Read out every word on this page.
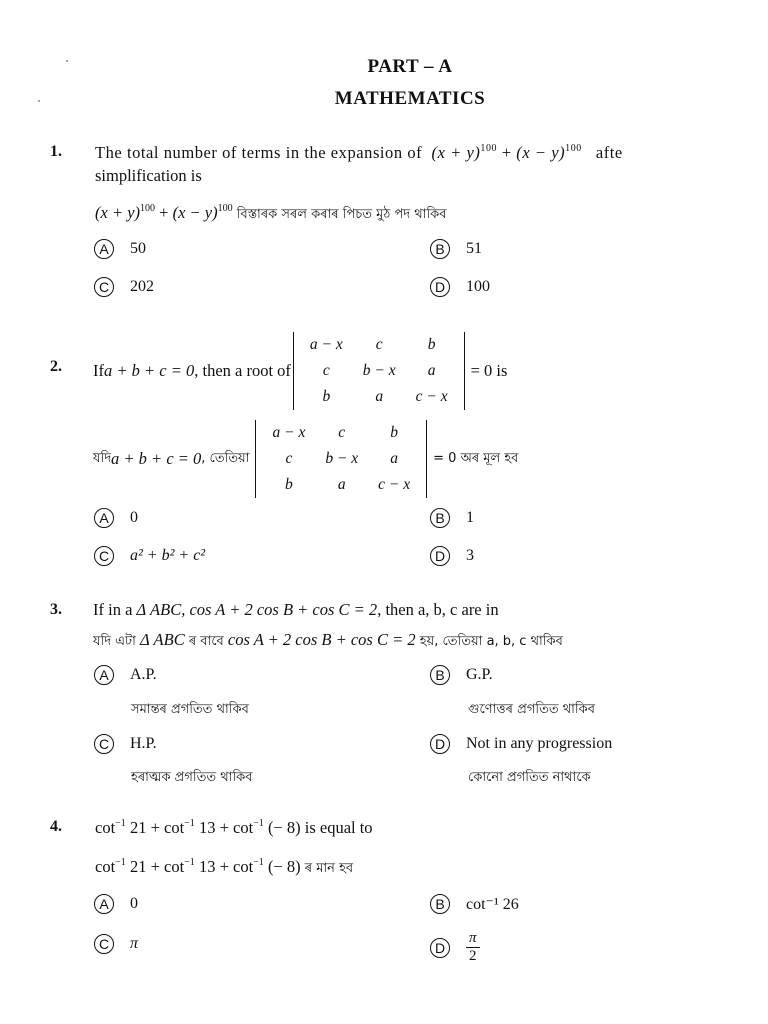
PART – A
MATHEMATICS
1. The total number of terms in the expansion of $(x + y)^{100} + (x - y)^{100}$ afte
simplification is
$(x + y)^{100} + (x - y)^{100}$ বিস্তাৰক সৰল কৰাৰ পিচত মুঠ পদ থাকিব
A	50	B	51
C	202	D	100
2. If a + b + c = 0 , then a root of
a − x	c	b
c	b − x	a
b	a	c − x
= 0 is
যদি a + b + c = 0 , তেতিয়া
a − x	c	b
c	b − x	a
b	a	c − x
= 0 অৰ মূল হব
A	0	B	1
C	a² + b² + c²	D	3
3. If in a Δ ABC, cos A + 2 cos B + cos C = 2, then a, b, c are in
যদি এটা Δ ABC ৰ বাবে cos A + 2 cos B + cos C = 2 হয়, তেতিয়া a, b, c থাকিব
A	A.P.
সমান্তৰ প্ৰগতিত থাকিব
B	G.P.
গুণোত্তৰ প্ৰগতিত থাকিব
C	H.P.
হৰাত্মক প্ৰগতিত থাকিব
D	Not in any progression
কোনো প্ৰগতিত নাথাকে
4. $\cot^{-1} 21 + \cot^{-1} 13 + \cot^{-1}$ (− 8) is equal to
$\cot^{-1} 21 + \cot^{-1} 13 + \cot^{-1}$ (− 8) ৰ মান হব
A	0	B	cot⁻¹ 26
C	π	D	$\frac{\pi}{2}$
